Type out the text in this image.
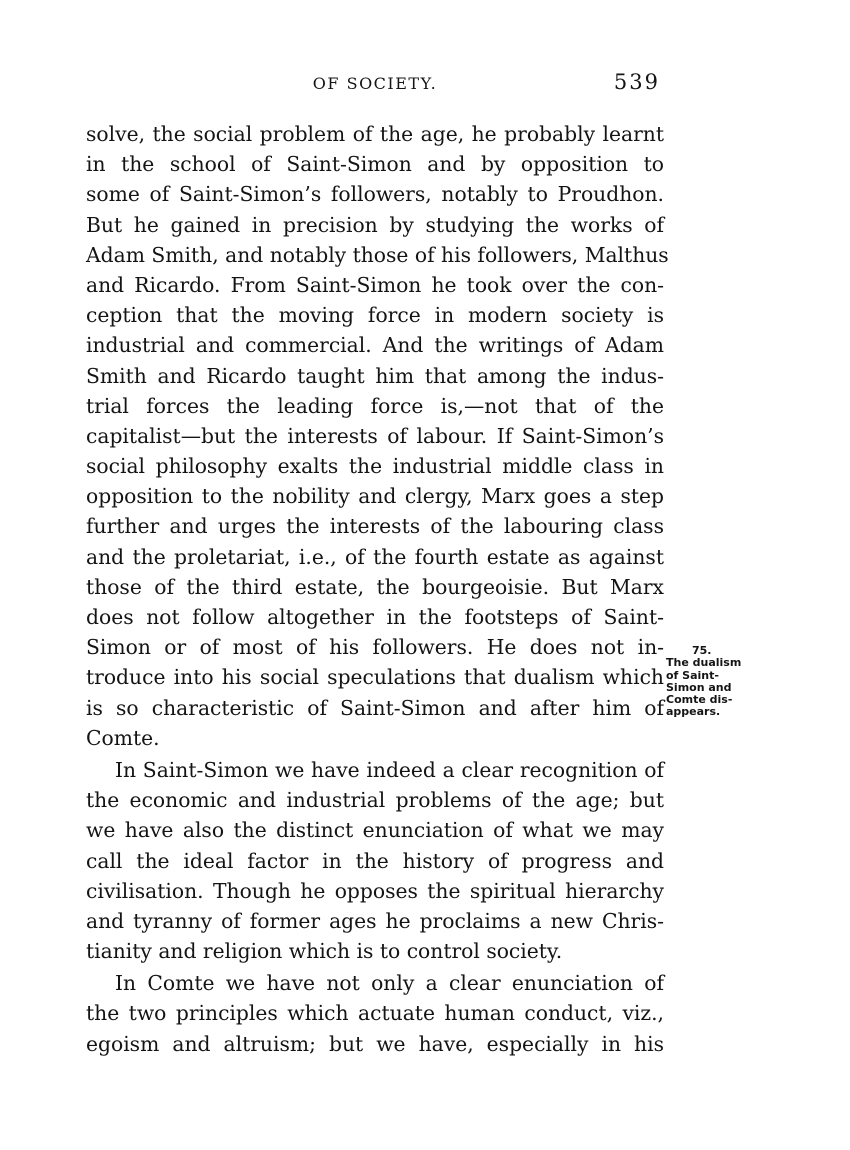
OF SOCIETY.	539
solve, the social problem of the age, he probably learnt
in the school of Saint-Simon and by opposition to
some of Saint-Simon’s followers, notably to Proudhon.
But he gained in precision by studying the works of
Adam Smith, and notably those of his followers, Malthus
and Ricardo. From Saint-Simon he took over the con-
ception that the moving force in modern society is
industrial and commercial. And the writings of Adam
Smith and Ricardo taught him that among the indus-
trial forces the leading force is,—not that of the
capitalist—but the interests of labour. If Saint-Simon’s
social philosophy exalts the industrial middle class in
opposition to the nobility and clergy, Marx goes a step
further and urges the interests of the labouring class
and the proletariat, i.e., of the fourth estate as against
those of the third estate, the bourgeoisie. But Marx
does not follow altogether in the footsteps of Saint-
Simon or of most of his followers. He does not in-
troduce into his social speculations that dualism which
is so characteristic of Saint-Simon and after him of
Comte.
In Saint-Simon we have indeed a clear recognition of
the economic and industrial problems of the age; but
we have also the distinct enunciation of what we may
call the ideal factor in the history of progress and
civilisation. Though he opposes the spiritual hierarchy
and tyranny of former ages he proclaims a new Chris-
tianity and religion which is to control society.
In Comte we have not only a clear enunciation of
the two principles which actuate human conduct, viz.,
egoism and altruism; but we have, especially in his
75.
The dualism
of Saint-
Simon and
Comte dis-
appears.
